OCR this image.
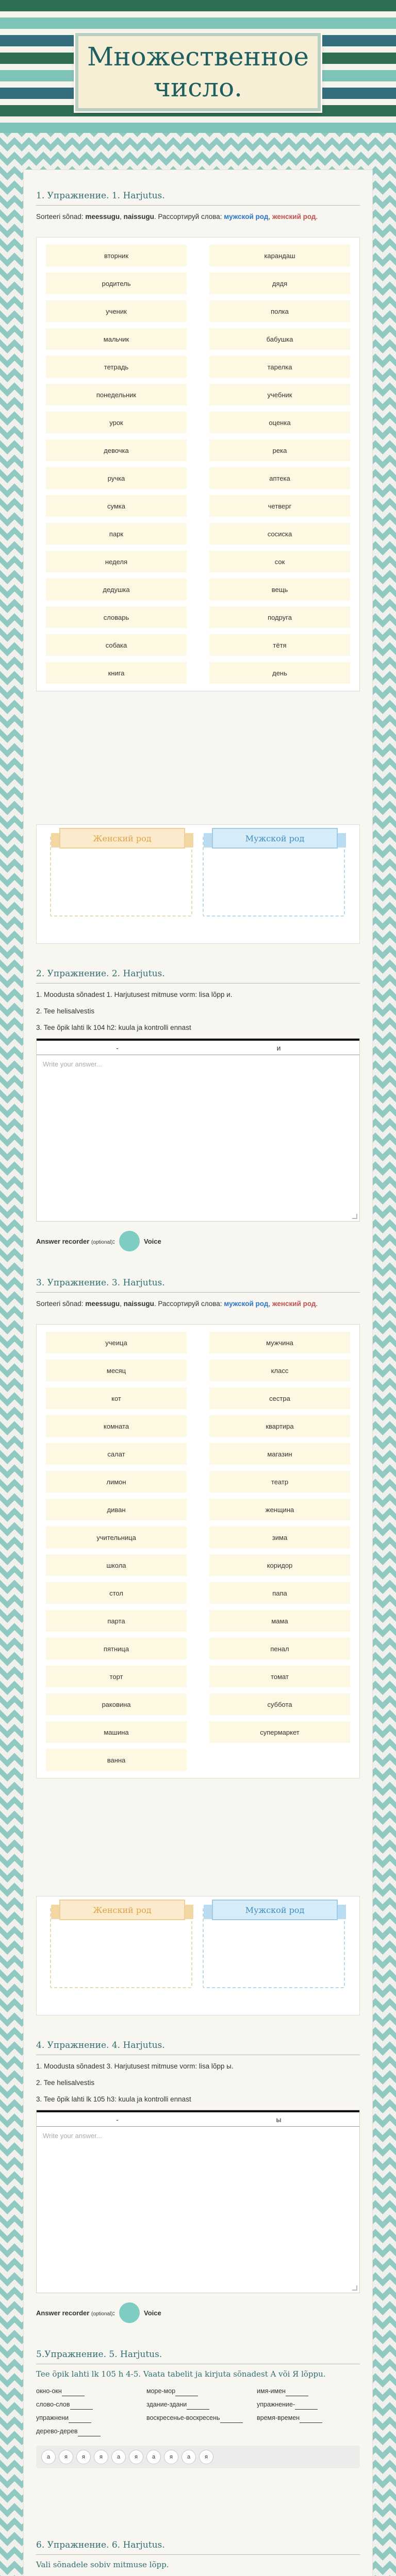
Множественное число.
1. Упражнение. 1. Harjutus.
Sorteeri sõnad: meessugu, naissugu. Рассортируй слова: мужской род, женский род.
вторник	карандаш
родитель	дядя
ученик	полка
мальчик	бабушка
тетрадь	тарелка
понедельник	учебник
урок	оценка
девочка	река
ручка	аптека
сумка	четверг
парк	сосиска
неделя	сок
дедушка	вещь
словарь	подруга
собака	тётя
книга	день
Женский род	Мужской род
2. Упражнение. 2. Harjutus.
1. Moodusta sõnadest 1. Harjutusest mitmuse vorm: lisa lõpp и.
2. Tee helisalvestis
3. Tee õpik lahti lk 104 h2: kuula ja kontrolli ennast
-	и
Write your answer...
Answer recorder (optional):	Voice
3. Упражнение. 3. Harjutus.
Sorteeri sõnad: meessugu, naissugu. Рассортируй слова: мужской род, женский род.
учеица	мужчина
месяц	класс
кот	сестра
комната	квартира
салат	магазин
лимон	театр
диван	женщина
учительница	зима
школа	коридор
стол	папа
парта	мама
пятница	пенал
торт	томат
раковина	суббота
машина	супермаркет
ванна
Женский род	Мужской род
4. Упражнение. 4. Harjutus.
1. Moodusta sõnadest 3. Harjutusest mitmuse vorm: lisa lõpp ы.
2. Tee helisalvestis
3. Tee õpik lahti lk 105 h3: kuula ja kontrolli ennast
-	ы
Write your answer...
Answer recorder (optional):	Voice
5.Упражнение. 5. Harjutus.
Tee õpik lahti lk 105 h 4-5. Vaata tabelit ja kirjuta sõnadest A või Я lõppu.
окно-окн	море-мор	имя-имен
слово-слов	здание-здани	упражнение-
упражнени	воскресенье-воскресень	время-времен
дерево-дерев
а	я	я	я	а	я	а	я	а	я
6. Упражнение. 6. Harjutus.
Vali sõnadele sobiv mitmuse lõpp.
